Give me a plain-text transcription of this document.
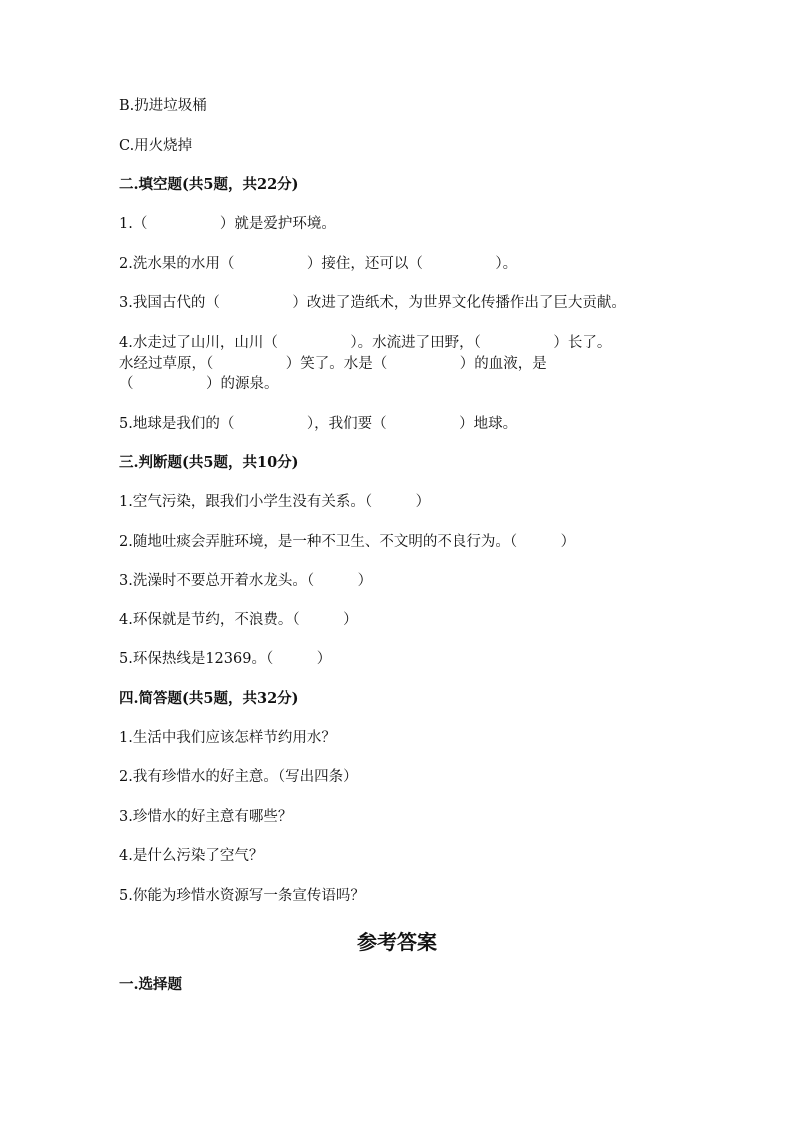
B.扔进垃圾桶
C.用火烧掉
二.填空题(共5题，共22分)
1.（　　　　　）就是爱护环境。
2.洗水果的水用（　　　　　）接住，还可以（　　　　　）。
3.我国古代的（　　　　　）改进了造纸术，为世界文化传播作出了巨大贡献。
4.水走过了山川，山川（　　　　　）。水流进了田野，（　　　　　）长了。
水经过草原，（　　　　　）笑了。水是（　　　　　）的血液，是
（　　　　　）的源泉。
5.地球是我们的（　　　　　），我们要（　　　　　）地球。
三.判断题(共5题，共10分)
1.空气污染，跟我们小学生没有关系。（　　　）
2.随地吐痰会弄脏环境，是一种不卫生、不文明的不良行为。（　　　）
3.洗澡时不要总开着水龙头。（　　　）
4.环保就是节约，不浪费。（　　　）
5.环保热线是12369。（　　　）
四.简答题(共5题，共32分)
1.生活中我们应该怎样节约用水？
2.我有珍惜水的好主意。（写出四条）
3.珍惜水的好主意有哪些？
4.是什么污染了空气？
5.你能为珍惜水资源写一条宣传语吗？
参考答案
一.选择题
